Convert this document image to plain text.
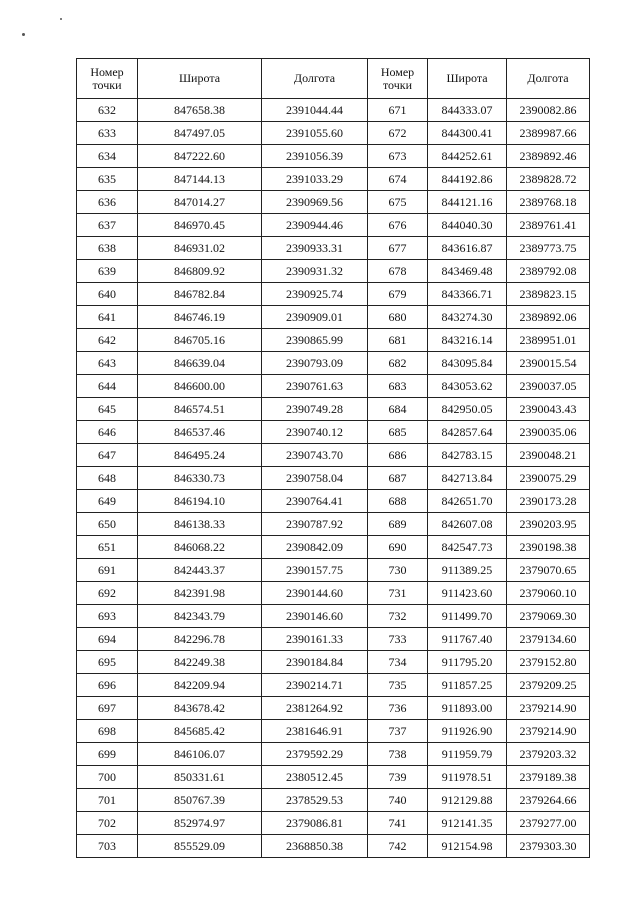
Номер точки	Широта	Долгота	Номер точки	Широта	Долгота
632	847658.38	2391044.44	671	844333.07	2390082.86
633	847497.05	2391055.60	672	844300.41	2389987.66
634	847222.60	2391056.39	673	844252.61	2389892.46
635	847144.13	2391033.29	674	844192.86	2389828.72
636	847014.27	2390969.56	675	844121.16	2389768.18
637	846970.45	2390944.46	676	844040.30	2389761.41
638	846931.02	2390933.31	677	843616.87	2389773.75
639	846809.92	2390931.32	678	843469.48	2389792.08
640	846782.84	2390925.74	679	843366.71	2389823.15
641	846746.19	2390909.01	680	843274.30	2389892.06
642	846705.16	2390865.99	681	843216.14	2389951.01
643	846639.04	2390793.09	682	843095.84	2390015.54
644	846600.00	2390761.63	683	843053.62	2390037.05
645	846574.51	2390749.28	684	842950.05	2390043.43
646	846537.46	2390740.12	685	842857.64	2390035.06
647	846495.24	2390743.70	686	842783.15	2390048.21
648	846330.73	2390758.04	687	842713.84	2390075.29
649	846194.10	2390764.41	688	842651.70	2390173.28
650	846138.33	2390787.92	689	842607.08	2390203.95
651	846068.22	2390842.09	690	842547.73	2390198.38
691	842443.37	2390157.75	730	911389.25	2379070.65
692	842391.98	2390144.60	731	911423.60	2379060.10
693	842343.79	2390146.60	732	911499.70	2379069.30
694	842296.78	2390161.33	733	911767.40	2379134.60
695	842249.38	2390184.84	734	911795.20	2379152.80
696	842209.94	2390214.71	735	911857.25	2379209.25
697	843678.42	2381264.92	736	911893.00	2379214.90
698	845685.42	2381646.91	737	911926.90	2379214.90
699	846106.07	2379592.29	738	911959.79	2379203.32
700	850331.61	2380512.45	739	911978.51	2379189.38
701	850767.39	2378529.53	740	912129.88	2379264.66
702	852974.97	2379086.81	741	912141.35	2379277.00
703	855529.09	2368850.38	742	912154.98	2379303.30
